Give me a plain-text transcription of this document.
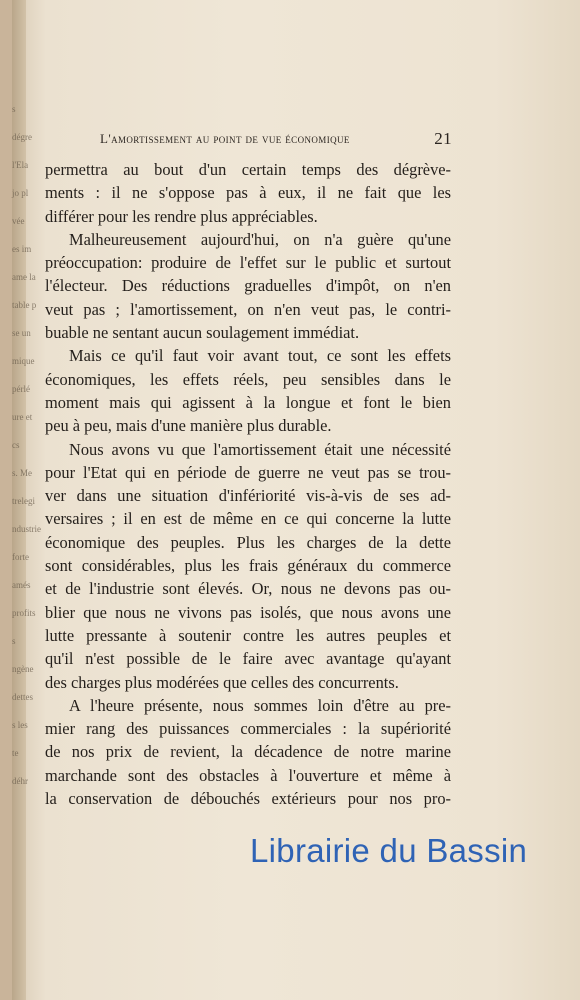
s
dégre
l'Ela
jo pl
vée
es im
ame la
table p
se un
mique
pérlé
ure et
cs
s. Me
trelegi
ndustrie
forte
amés
profits
s
ngène
dettes
s les
te
déhr
L'amortissement au point de vue économique	21
permettra au bout d'un certain temps des dégrève-
ments : il ne s'oppose pas à eux, il ne fait que les
différer pour les rendre plus appréciables.
Malheureusement aujourd'hui, on n'a guère qu'une
préoccupation: produire de l'effet sur le public et surtout
l'électeur. Des réductions graduelles d'impôt, on n'en
veut pas ; l'amortissement, on n'en veut pas, le contri-
buable ne sentant aucun soulagement immédiat.
Mais ce qu'il faut voir avant tout, ce sont les effets
économiques, les effets réels, peu sensibles dans le
moment mais qui agissent à la longue et font le bien
peu à peu, mais d'une manière plus durable.
Nous avons vu que l'amortissement était une nécessité
pour l'Etat qui en période de guerre ne veut pas se trou-
ver dans une situation d'infériorité vis-à-vis de ses ad-
versaires ; il en est de même en ce qui concerne la lutte
économique des peuples. Plus les charges de la dette
sont considérables, plus les frais généraux du commerce
et de l'industrie sont élevés. Or, nous ne devons pas ou-
blier que nous ne vivons pas isolés, que nous avons une
lutte pressante à soutenir contre les autres peuples et
qu'il n'est possible de le faire avec avantage qu'ayant
des charges plus modérées que celles des concurrents.
A l'heure présente, nous sommes loin d'être au pre-
mier rang des puissances commerciales : la supériorité
de nos prix de revient, la décadence de notre marine
marchande sont des obstacles à l'ouverture et même à
la conservation de débouchés extérieurs pour nos pro-
Librairie du Bassin
